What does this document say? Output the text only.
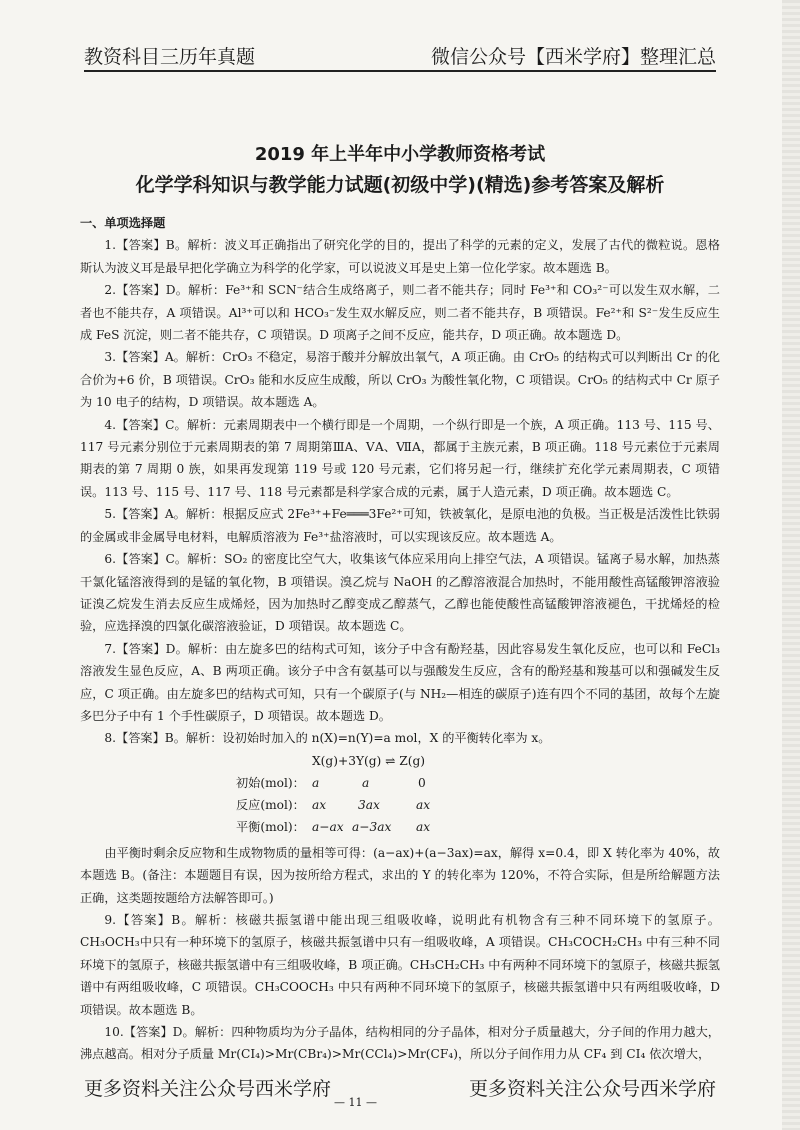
教资科目三历年真题	微信公众号【西米学府】整理汇总
2019 年上半年中小学教师资格考试
化学学科知识与教学能力试题(初级中学)(精选)参考答案及解析

一、单项选择题

1.【答案】B。解析：波义耳正确指出了研究化学的目的，提出了科学的元素的定义，发展了古代的微粒说。恩格斯认为波义耳是最早把化学确立为科学的化学家，可以说波义耳是史上第一位化学家。故本题选 B。

2.【答案】D。解析：Fe³⁺和 SCN⁻结合生成络离子，则二者不能共存；同时 Fe³⁺和 CO₃²⁻可以发生双水解，二者也不能共存，A 项错误。Al³⁺可以和 HCO₃⁻发生双水解反应，则二者不能共存，B 项错误。Fe²⁺和 S²⁻发生反应生成 FeS 沉淀，则二者不能共存，C 项错误。D 项离子之间不反应，能共存，D 项正确。故本题选 D。

3.【答案】A。解析：CrO₃ 不稳定，易溶于酸并分解放出氧气，A 项正确。由 CrO₅ 的结构式可以判断出 Cr 的化合价为+6 价，B 项错误。CrO₃ 能和水反应生成酸，所以 CrO₃ 为酸性氧化物，C 项错误。CrO₅ 的结构式中 Cr 原子为 10 电子的结构，D 项错误。故本题选 A。

4.【答案】C。解析：元素周期表中一个横行即是一个周期，一个纵行即是一个族，A 项正确。113 号、115 号、117 号元素分别位于元素周期表的第 7 周期第ⅢA、ⅤA、ⅦA，都属于主族元素，B 项正确。118 号元素位于元素周期表的第 7 周期 0 族，如果再发现第 119 号或 120 号元素，它们将另起一行，继续扩充化学元素周期表，C 项错误。113 号、115 号、117 号、118 号元素都是科学家合成的元素，属于人造元素，D 项正确。故本题选 C。

5.【答案】A。解析：根据反应式 2Fe³⁺+Fe═══3Fe²⁺可知，铁被氧化，是原电池的负极。当正极是活泼性比铁弱的金属或非金属导电材料，电解质溶液为 Fe³⁺盐溶液时，可以实现该反应。故本题选 A。

6.【答案】C。解析：SO₂ 的密度比空气大，收集该气体应采用向上排空气法，A 项错误。锰离子易水解，加热蒸干氯化锰溶液得到的是锰的氧化物，B 项错误。溴乙烷与 NaOH 的乙醇溶液混合加热时，不能用酸性高锰酸钾溶液验证溴乙烷发生消去反应生成烯烃，因为加热时乙醇变成乙醇蒸气，乙醇也能使酸性高锰酸钾溶液褪色，干扰烯烃的检验，应选择溴的四氯化碳溶液验证，D 项错误。故本题选 C。

7.【答案】D。解析：由左旋多巴的结构式可知，该分子中含有酚羟基，因此容易发生氧化反应，也可以和 FeCl₃ 溶液发生显色反应，A、B 两项正确。该分子中含有氨基可以与强酸发生反应，含有的酚羟基和羧基可以和强碱发生反应，C 项正确。由左旋多巴的结构式可知，只有一个碳原子(与 NH₂—相连的碳原子)连有四个不同的基团，故每个左旋多巴分子中有 1 个手性碳原子，D 项错误。故本题选 D。

8.【答案】B。解析：设初始时加入的 n(X)=n(Y)=a mol，X 的平衡转化率为 x。

X(g)+3Y(g) ⇌ Z(g)
初始(mol)： a	a	0
反应(mol)： ax	3ax	ax
平衡(mol)： a−ax a−3ax ax

由平衡时剩余反应物和生成物物质的量相等可得：(a−ax)+(a−3ax)=ax，解得 x=0.4，即 X 转化率为 40%，故本题选 B。(备注：本题题目有误，因为按所给方程式，求出的 Y 的转化率为 120%，不符合实际，但是所给解题方法正确，这类题按题给方法解答即可。)

9.【答案】B。解析：核磁共振氢谱中能出现三组吸收峰，说明此有机物含有三种不同环境下的氢原子。CH₃OCH₃中只有一种环境下的氢原子，核磁共振氢谱中只有一组吸收峰，A 项错误。CH₃COCH₂CH₃ 中有三种不同环境下的氢原子，核磁共振氢谱中有三组吸收峰，B 项正确。CH₃CH₂CH₃ 中有两种不同环境下的氢原子，核磁共振氢谱中有两组吸收峰，C 项错误。CH₃COOCH₃ 中只有两种不同环境下的氢原子，核磁共振氢谱中只有两组吸收峰，D 项错误。故本题选 B。

10.【答案】D。解析：四种物质均为分子晶体，结构相同的分子晶体，相对分子质量越大，分子间的作用力越大，沸点越高。相对分子质量 Mr(CI₄)>Mr(CBr₄)>Mr(CCl₄)>Mr(CF₄)，所以分子间作用力从 CF₄ 到 CI₄ 依次增大，

更多资料关注公众号西米学府
— 11 —
更多资料关注公众号西米学府
